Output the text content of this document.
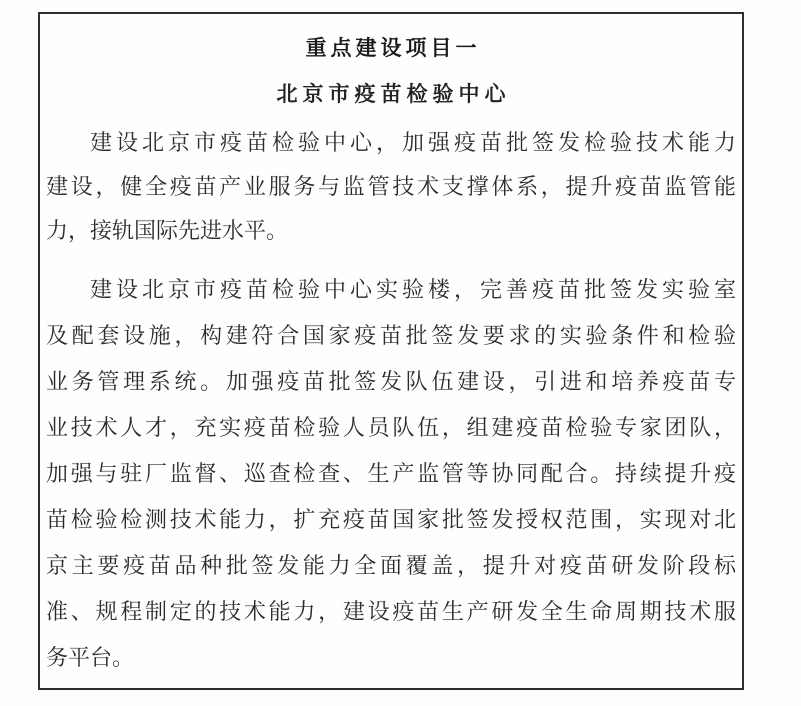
重点建设项目一
北京市疫苗检验中心
建设北京市疫苗检验中心，加强疫苗批签发检验技术能力
建设，健全疫苗产业服务与监管技术支撑体系，提升疫苗监管能
力，接轨国际先进水平。
建设北京市疫苗检验中心实验楼，完善疫苗批签发实验室
及配套设施，构建符合国家疫苗批签发要求的实验条件和检验
业务管理系统。加强疫苗批签发队伍建设，引进和培养疫苗专
业技术人才，充实疫苗检验人员队伍，组建疫苗检验专家团队，
加强与驻厂监督、巡查检查、生产监管等协同配合。持续提升疫
苗检验检测技术能力，扩充疫苗国家批签发授权范围，实现对北
京主要疫苗品种批签发能力全面覆盖，提升对疫苗研发阶段标
准、规程制定的技术能力，建设疫苗生产研发全生命周期技术服
务平台。
